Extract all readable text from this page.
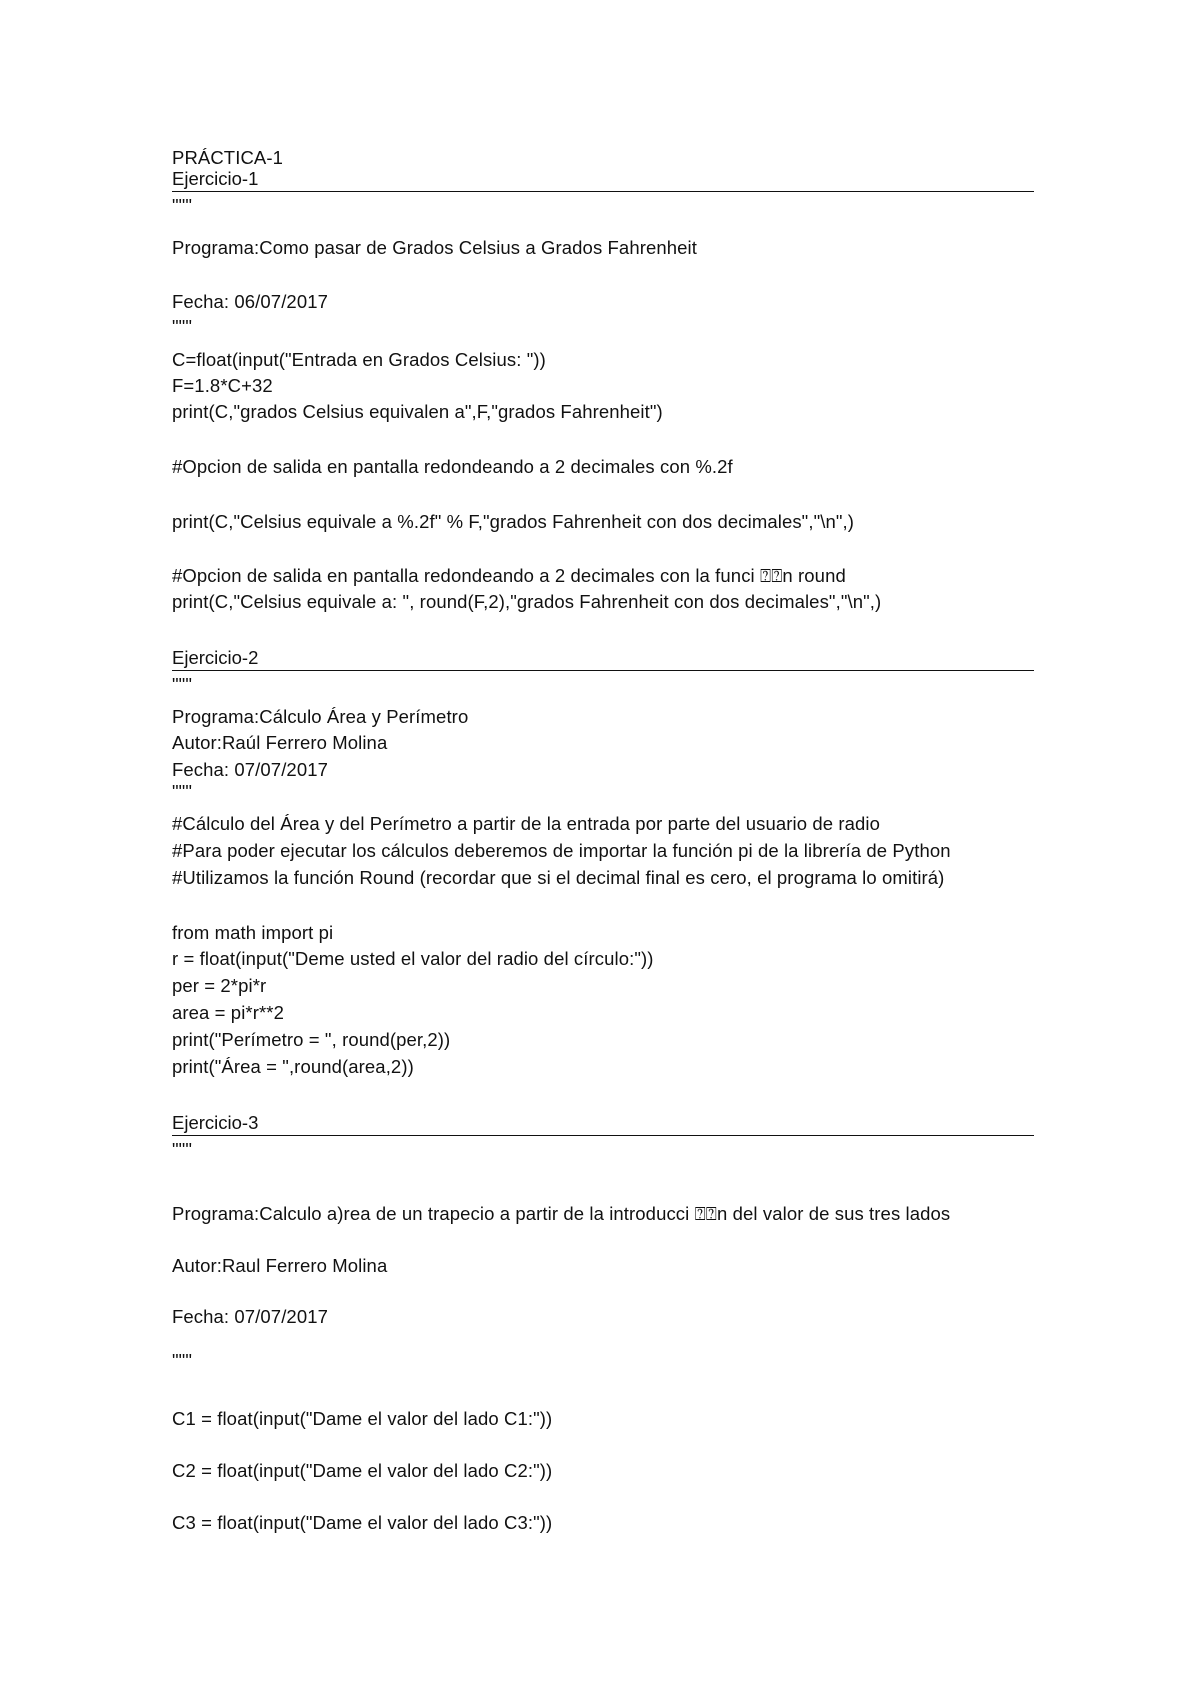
PRÁCTICA-1
Ejercicio-1
"""
Programa:Como pasar de Grados Celsius a Grados Fahrenheit
Fecha: 06/07/2017
"""
C=float(input("Entrada en Grados Celsius: "))
F=1.8*C+32
print(C,"grados Celsius equivalen a",F,"grados Fahrenheit")
#Opcion de salida en pantalla redondeando a 2 decimales con %.2f
print(C,"Celsius equivale a %.2f" % F,"grados Fahrenheit con dos decimales","\n",)
#Opcion de salida en pantalla redondeando a 2 decimales con la funci ⍰⍰n round
print(C,"Celsius equivale a: ", round(F,2),"grados Fahrenheit con dos decimales","\n",)
Ejercicio-2
"""
Programa:Cálculo Área y Perímetro
Autor:Raúl Ferrero Molina
Fecha: 07/07/2017
"""
#Cálculo del Área y del Perímetro a partir de la entrada por parte del usuario de radio
#Para poder ejecutar los cálculos deberemos de importar la función pi de la librería de Python
#Utilizamos la función Round (recordar que si el decimal final es cero, el programa lo omitirá)
from math import pi
r = float(input("Deme usted el valor del radio del círculo:"))
per = 2*pi*r
area = pi*r**2
print("Perímetro = ", round(per,2))
print("Área = ",round(area,2))
Ejercicio-3
"""
Programa:Calculo a)rea de un trapecio a partir de la introducci ⍰⍰n del valor de sus tres lados
Autor:Raul Ferrero Molina
Fecha: 07/07/2017
"""
C1 = float(input("Dame el valor del lado C1:"))
C2 = float(input("Dame el valor del lado C2:"))
C3 = float(input("Dame el valor del lado C3:"))
